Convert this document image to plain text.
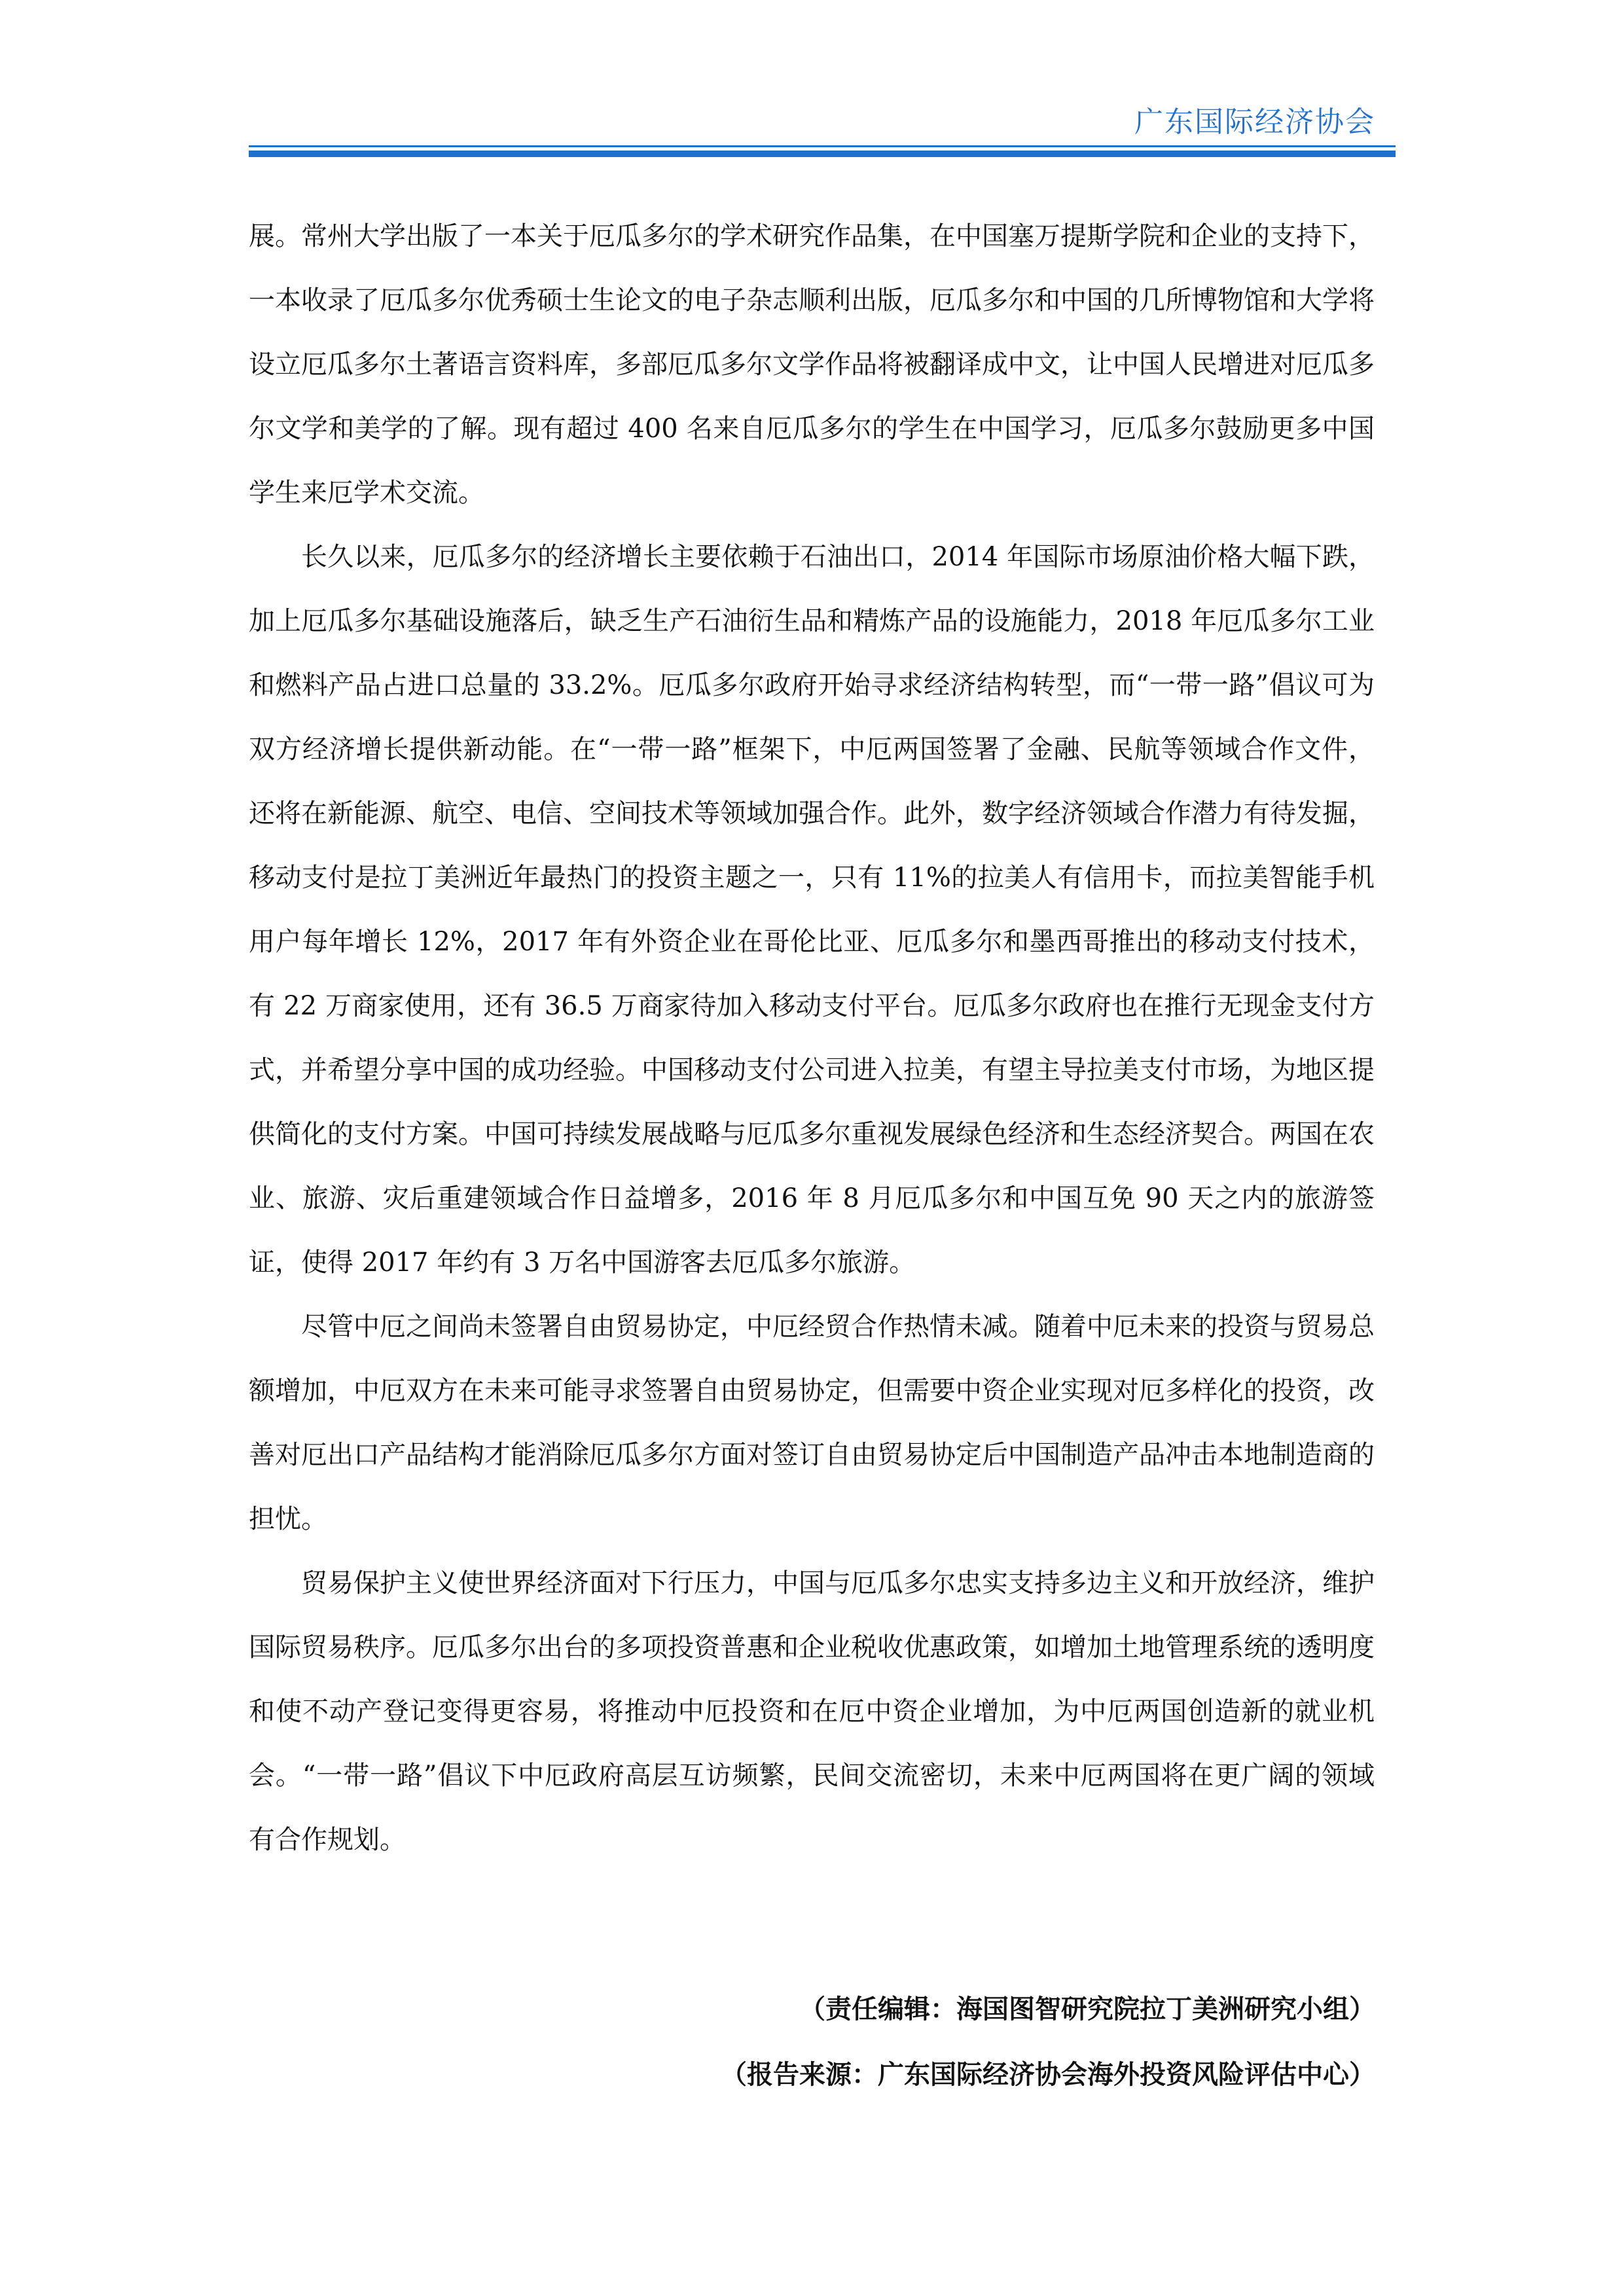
广东国际经济协会

展。常州大学出版了一本关于厄瓜多尔的学术研究作品集，在中国塞万提斯学院和企业的支持下，一本收录了厄瓜多尔优秀硕士生论文的电子杂志顺利出版，厄瓜多尔和中国的几所博物馆和大学将设立厄瓜多尔土著语言资料库，多部厄瓜多尔文学作品将被翻译成中文，让中国人民增进对厄瓜多尔文学和美学的了解。现有超过 400 名来自厄瓜多尔的学生在中国学习，厄瓜多尔鼓励更多中国学生来厄学术交流。

长久以来，厄瓜多尔的经济增长主要依赖于石油出口，2014 年国际市场原油价格大幅下跌，加上厄瓜多尔基础设施落后，缺乏生产石油衍生品和精炼产品的设施能力，2018 年厄瓜多尔工业和燃料产品占进口总量的 33.2%。厄瓜多尔政府开始寻求经济结构转型，而“一带一路”倡议可为双方经济增长提供新动能。在“一带一路”框架下，中厄两国签署了金融、民航等领域合作文件，还将在新能源、航空、电信、空间技术等领域加强合作。此外，数字经济领域合作潜力有待发掘，移动支付是拉丁美洲近年最热门的投资主题之一，只有 11%的拉美人有信用卡，而拉美智能手机用户每年增长 12%，2017 年有外资企业在哥伦比亚、厄瓜多尔和墨西哥推出的移动支付技术，有 22 万商家使用，还有 36.5 万商家待加入移动支付平台。厄瓜多尔政府也在推行无现金支付方式，并希望分享中国的成功经验。中国移动支付公司进入拉美，有望主导拉美支付市场，为地区提供简化的支付方案。中国可持续发展战略与厄瓜多尔重视发展绿色经济和生态经济契合。两国在农业、旅游、灾后重建领域合作日益增多，2016 年 8 月厄瓜多尔和中国互免 90 天之内的旅游签证，使得 2017 年约有 3 万名中国游客去厄瓜多尔旅游。

尽管中厄之间尚未签署自由贸易协定，中厄经贸合作热情未减。随着中厄未来的投资与贸易总额增加，中厄双方在未来可能寻求签署自由贸易协定，但需要中资企业实现对厄多样化的投资，改善对厄出口产品结构才能消除厄瓜多尔方面对签订自由贸易协定后中国制造产品冲击本地制造商的担忧。

贸易保护主义使世界经济面对下行压力，中国与厄瓜多尔忠实支持多边主义和开放经济，维护国际贸易秩序。厄瓜多尔出台的多项投资普惠和企业税收优惠政策，如增加土地管理系统的透明度和使不动产登记变得更容易，将推动中厄投资和在厄中资企业增加，为中厄两国创造新的就业机会。“一带一路”倡议下中厄政府高层互访频繁，民间交流密切，未来中厄两国将在更广阔的领域有合作规划。

（责任编辑：海国图智研究院拉丁美洲研究小组）
（报告来源：广东国际经济协会海外投资风险评估中心）
